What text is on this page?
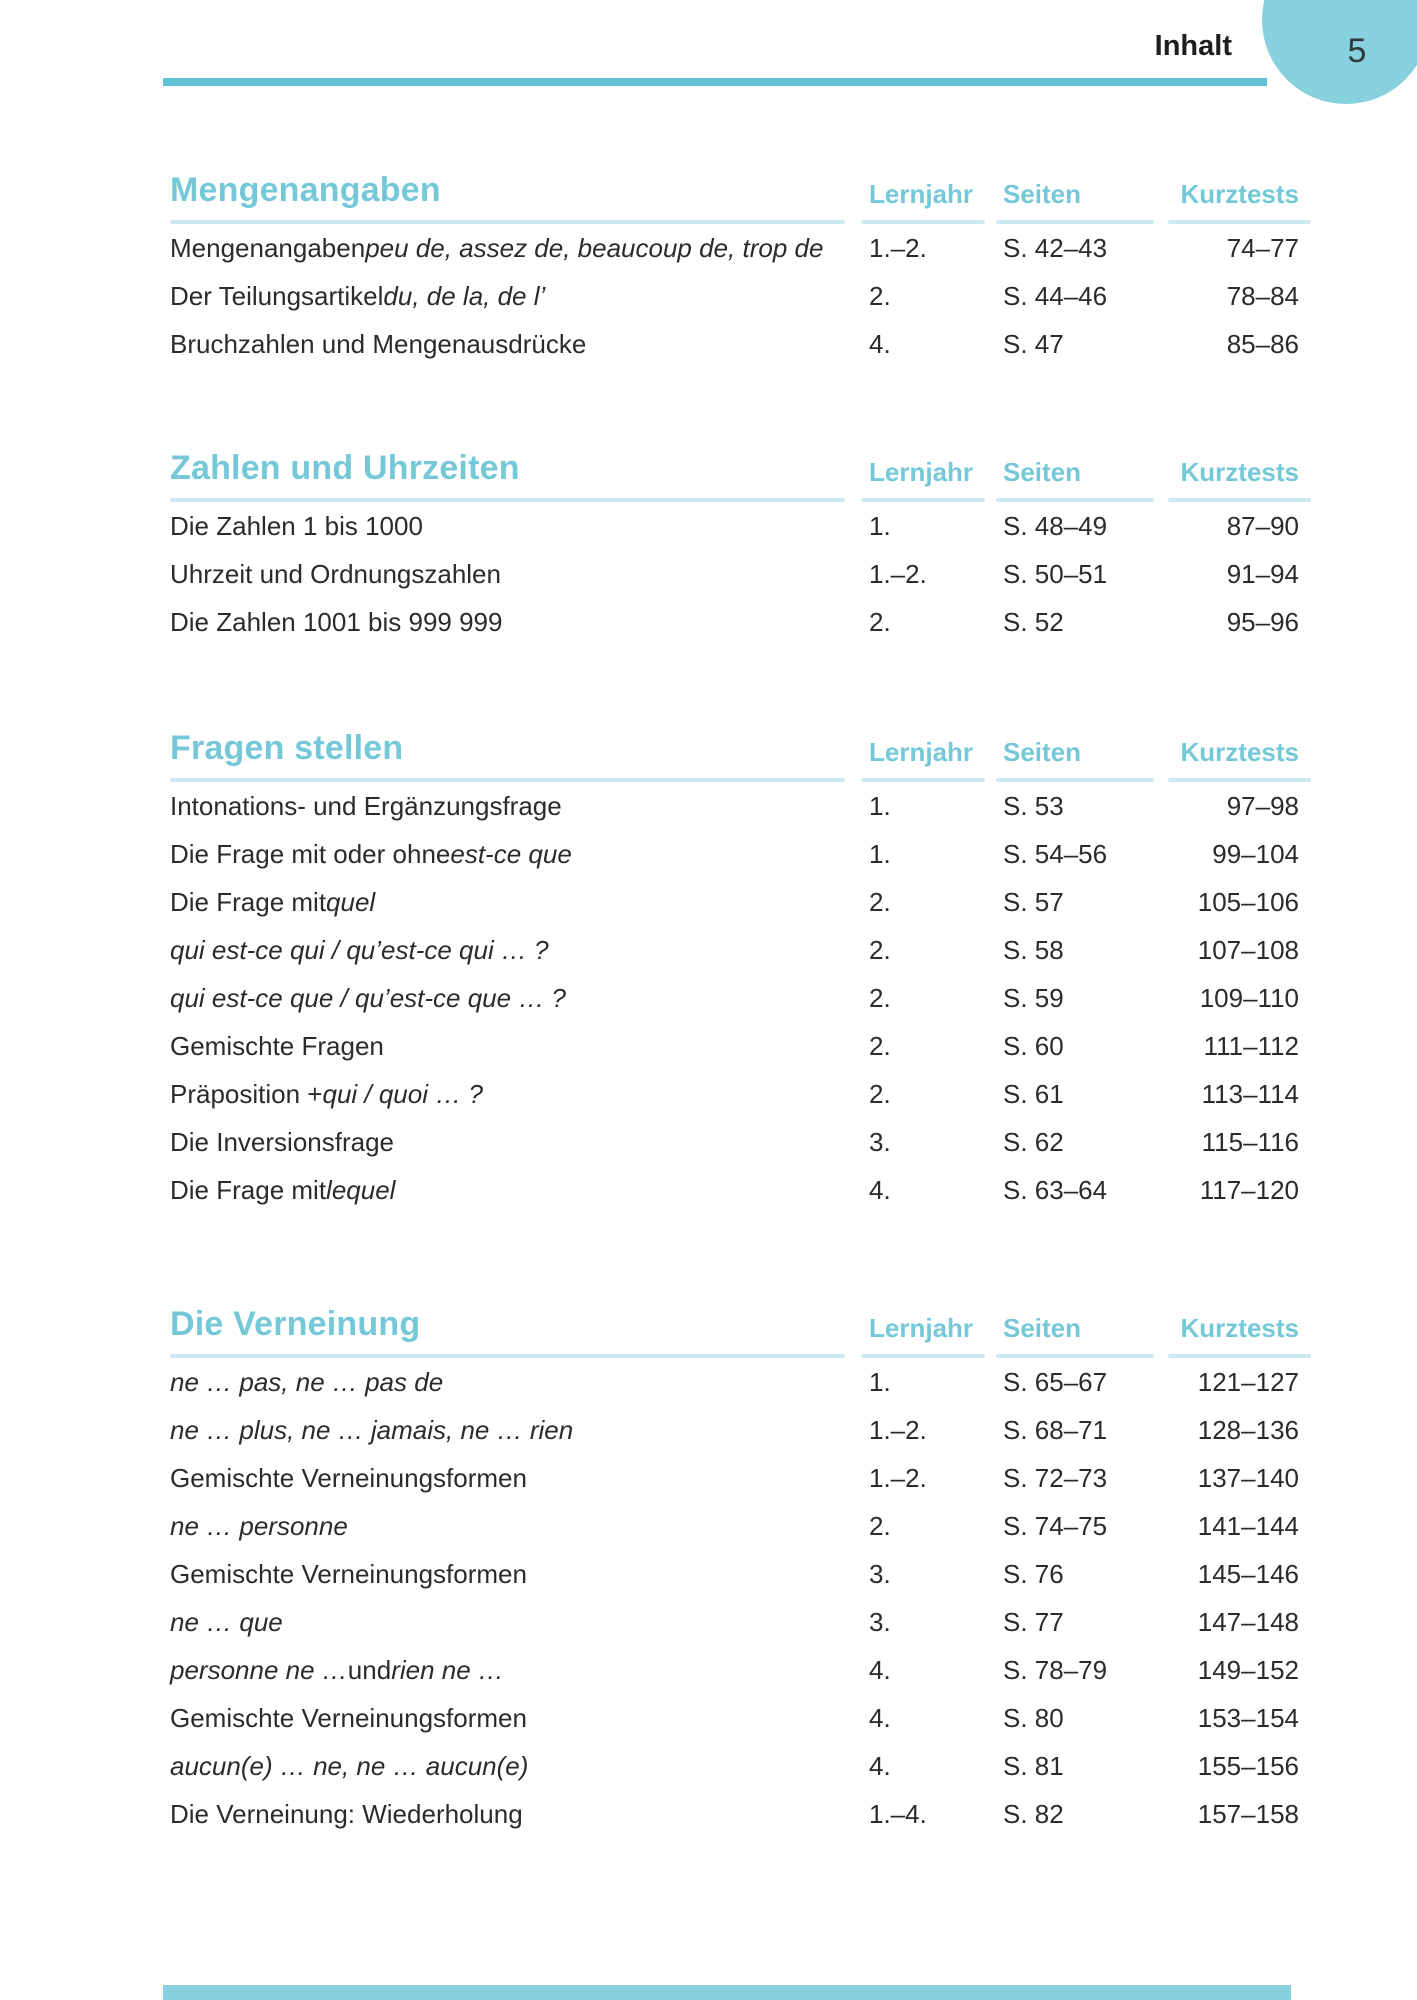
Inhalt	5
Mengenangaben	Lernjahr Seiten	Kurztests
Mengenangaben peu de, assez de, beaucoup de, trop de	1.–2.	S. 42–43	74–77
Der Teilungsartikel du, de la, de l’	2.	S. 44–46	78–84
Bruchzahlen und Mengenausdrücke	4.	S. 47	85–86
Zahlen und Uhrzeiten	Lernjahr Seiten	Kurztests
Die Zahlen 1 bis 1000	1.	S. 48–49	87–90
Uhrzeit und Ordnungszahlen	1.–2.	S. 50–51	91–94
Die Zahlen 1001 bis 999 999	2.	S. 52	95–96
Fragen stellen	Lernjahr Seiten	Kurztests
Intonations- und Ergänzungsfrage	1.	S. 53	97–98
Die Frage mit oder ohne est-ce que	1.	S. 54–56	99–104
Die Frage mit quel	2.	S. 57	105–106
qui est-ce qui / qu’est-ce qui … ?	2.	S. 58	107–108
qui est-ce que / qu’est-ce que … ?	2.	S. 59	109–110
Gemischte Fragen	2.	S. 60	111–112
Präposition + qui / quoi … ?	2.	S. 61	113–114
Die Inversionsfrage	3.	S. 62	115–116
Die Frage mit lequel	4.	S. 63–64	117–120
Die Verneinung	Lernjahr Seiten	Kurztests
ne … pas, ne … pas de	1.	S. 65–67	121–127
ne … plus, ne … jamais, ne … rien	1.–2.	S. 68–71	128–136
Gemischte Verneinungsformen	1.–2.	S. 72–73	137–140
ne … personne	2.	S. 74–75	141–144
Gemischte Verneinungsformen	3.	S. 76	145–146
ne … que	3.	S. 77	147–148
personne ne … und rien ne …	4.	S. 78–79	149–152
Gemischte Verneinungsformen	4.	S. 80	153–154
aucun(e) … ne, ne … aucun(e)	4.	S. 81	155–156
Die Verneinung: Wiederholung	1.–4.	S. 82	157–158
